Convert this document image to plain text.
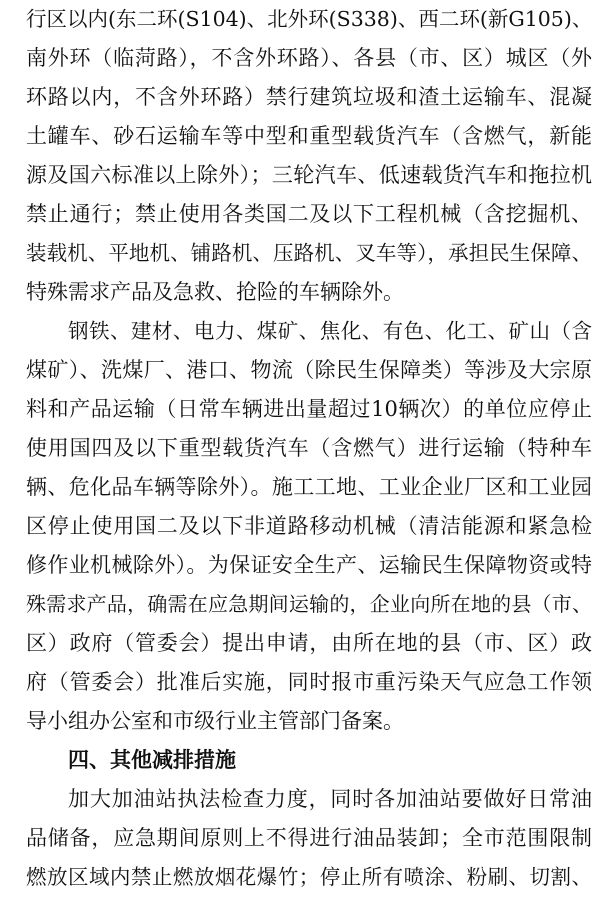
行区以内(东二环(S104)、北外环(S338)、西二环(新G105)、
南外环（临菏路），不含外环路）、各县（市、区）城区（外
环路以内，不含外环路）禁行建筑垃圾和渣土运输车、混凝
土罐车、砂石运输车等中型和重型载货汽车（含燃气，新能
源及国六标准以上除外）；三轮汽车、低速载货汽车和拖拉机
禁止通行；禁止使用各类国二及以下工程机械（含挖掘机、
装载机、平地机、铺路机、压路机、叉车等），承担民生保障、
特殊需求产品及急救、抢险的车辆除外。
钢铁、建材、电力、煤矿、焦化、有色、化工、矿山（含
煤矿）、洗煤厂、港口、物流（除民生保障类）等涉及大宗原
料和产品运输（日常车辆进出量超过10辆次）的单位应停止
使用国四及以下重型载货汽车（含燃气）进行运输（特种车
辆、危化品车辆等除外）。施工工地、工业企业厂区和工业园
区停止使用国二及以下非道路移动机械（清洁能源和紧急检
修作业机械除外）。为保证安全生产、运输民生保障物资或特
殊需求产品，确需在应急期间运输的，企业向所在地的县（市、
区）政府（管委会）提出申请，由所在地的县（市、区）政
府（管委会）批准后实施，同时报市重污染天气应急工作领
导小组办公室和市级行业主管部门备案。
四、其他减排措施
加大加油站执法检查力度，同时各加油站要做好日常油
品储备，应急期间原则上不得进行油品装卸；全市范围限制
燃放区域内禁止燃放烟花爆竹；停止所有喷涂、粉刷、切割、
